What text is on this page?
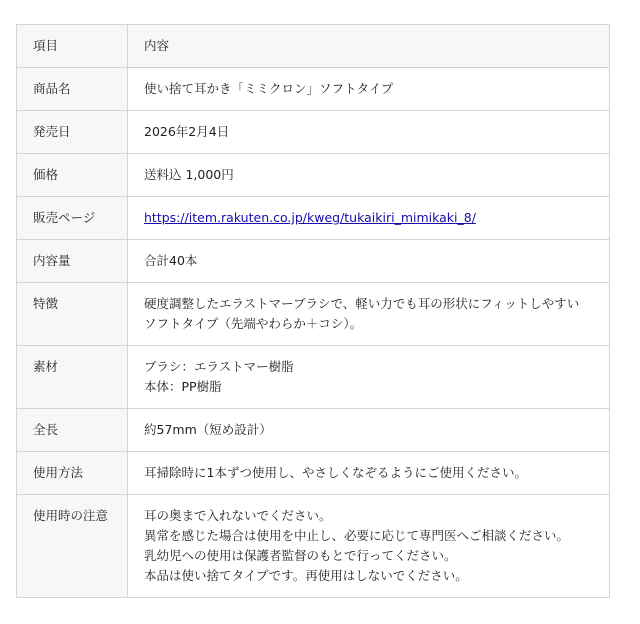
項目	内容

商品名	使い捨て耳かき「ミミクロン」ソフトタイプ

発売日	2026年2月4日

価格	送料込 1,000円

販売ページ	https://item.rakuten.co.jp/kweg/tukaikiri_mimikaki_8/

内容量	合計40本

特徴	硬度調整したエラストマーブラシで、軽い力でも耳の形状にフィットしやすい
ソフトタイプ（先端やわらか＋コシ）。

素材	ブラシ：エラストマー樹脂
本体：PP樹脂

全長	約57mm（短め設計）

使用方法	耳掃除時に1本ずつ使用し、やさしくなぞるようにご使用ください。

使用時の注意	耳の奥まで入れないでください。
異常を感じた場合は使用を中止し、必要に応じて専門医へご相談ください。
乳幼児への使用は保護者監督のもとで行ってください。
本品は使い捨てタイプです。再使用はしないでください。
